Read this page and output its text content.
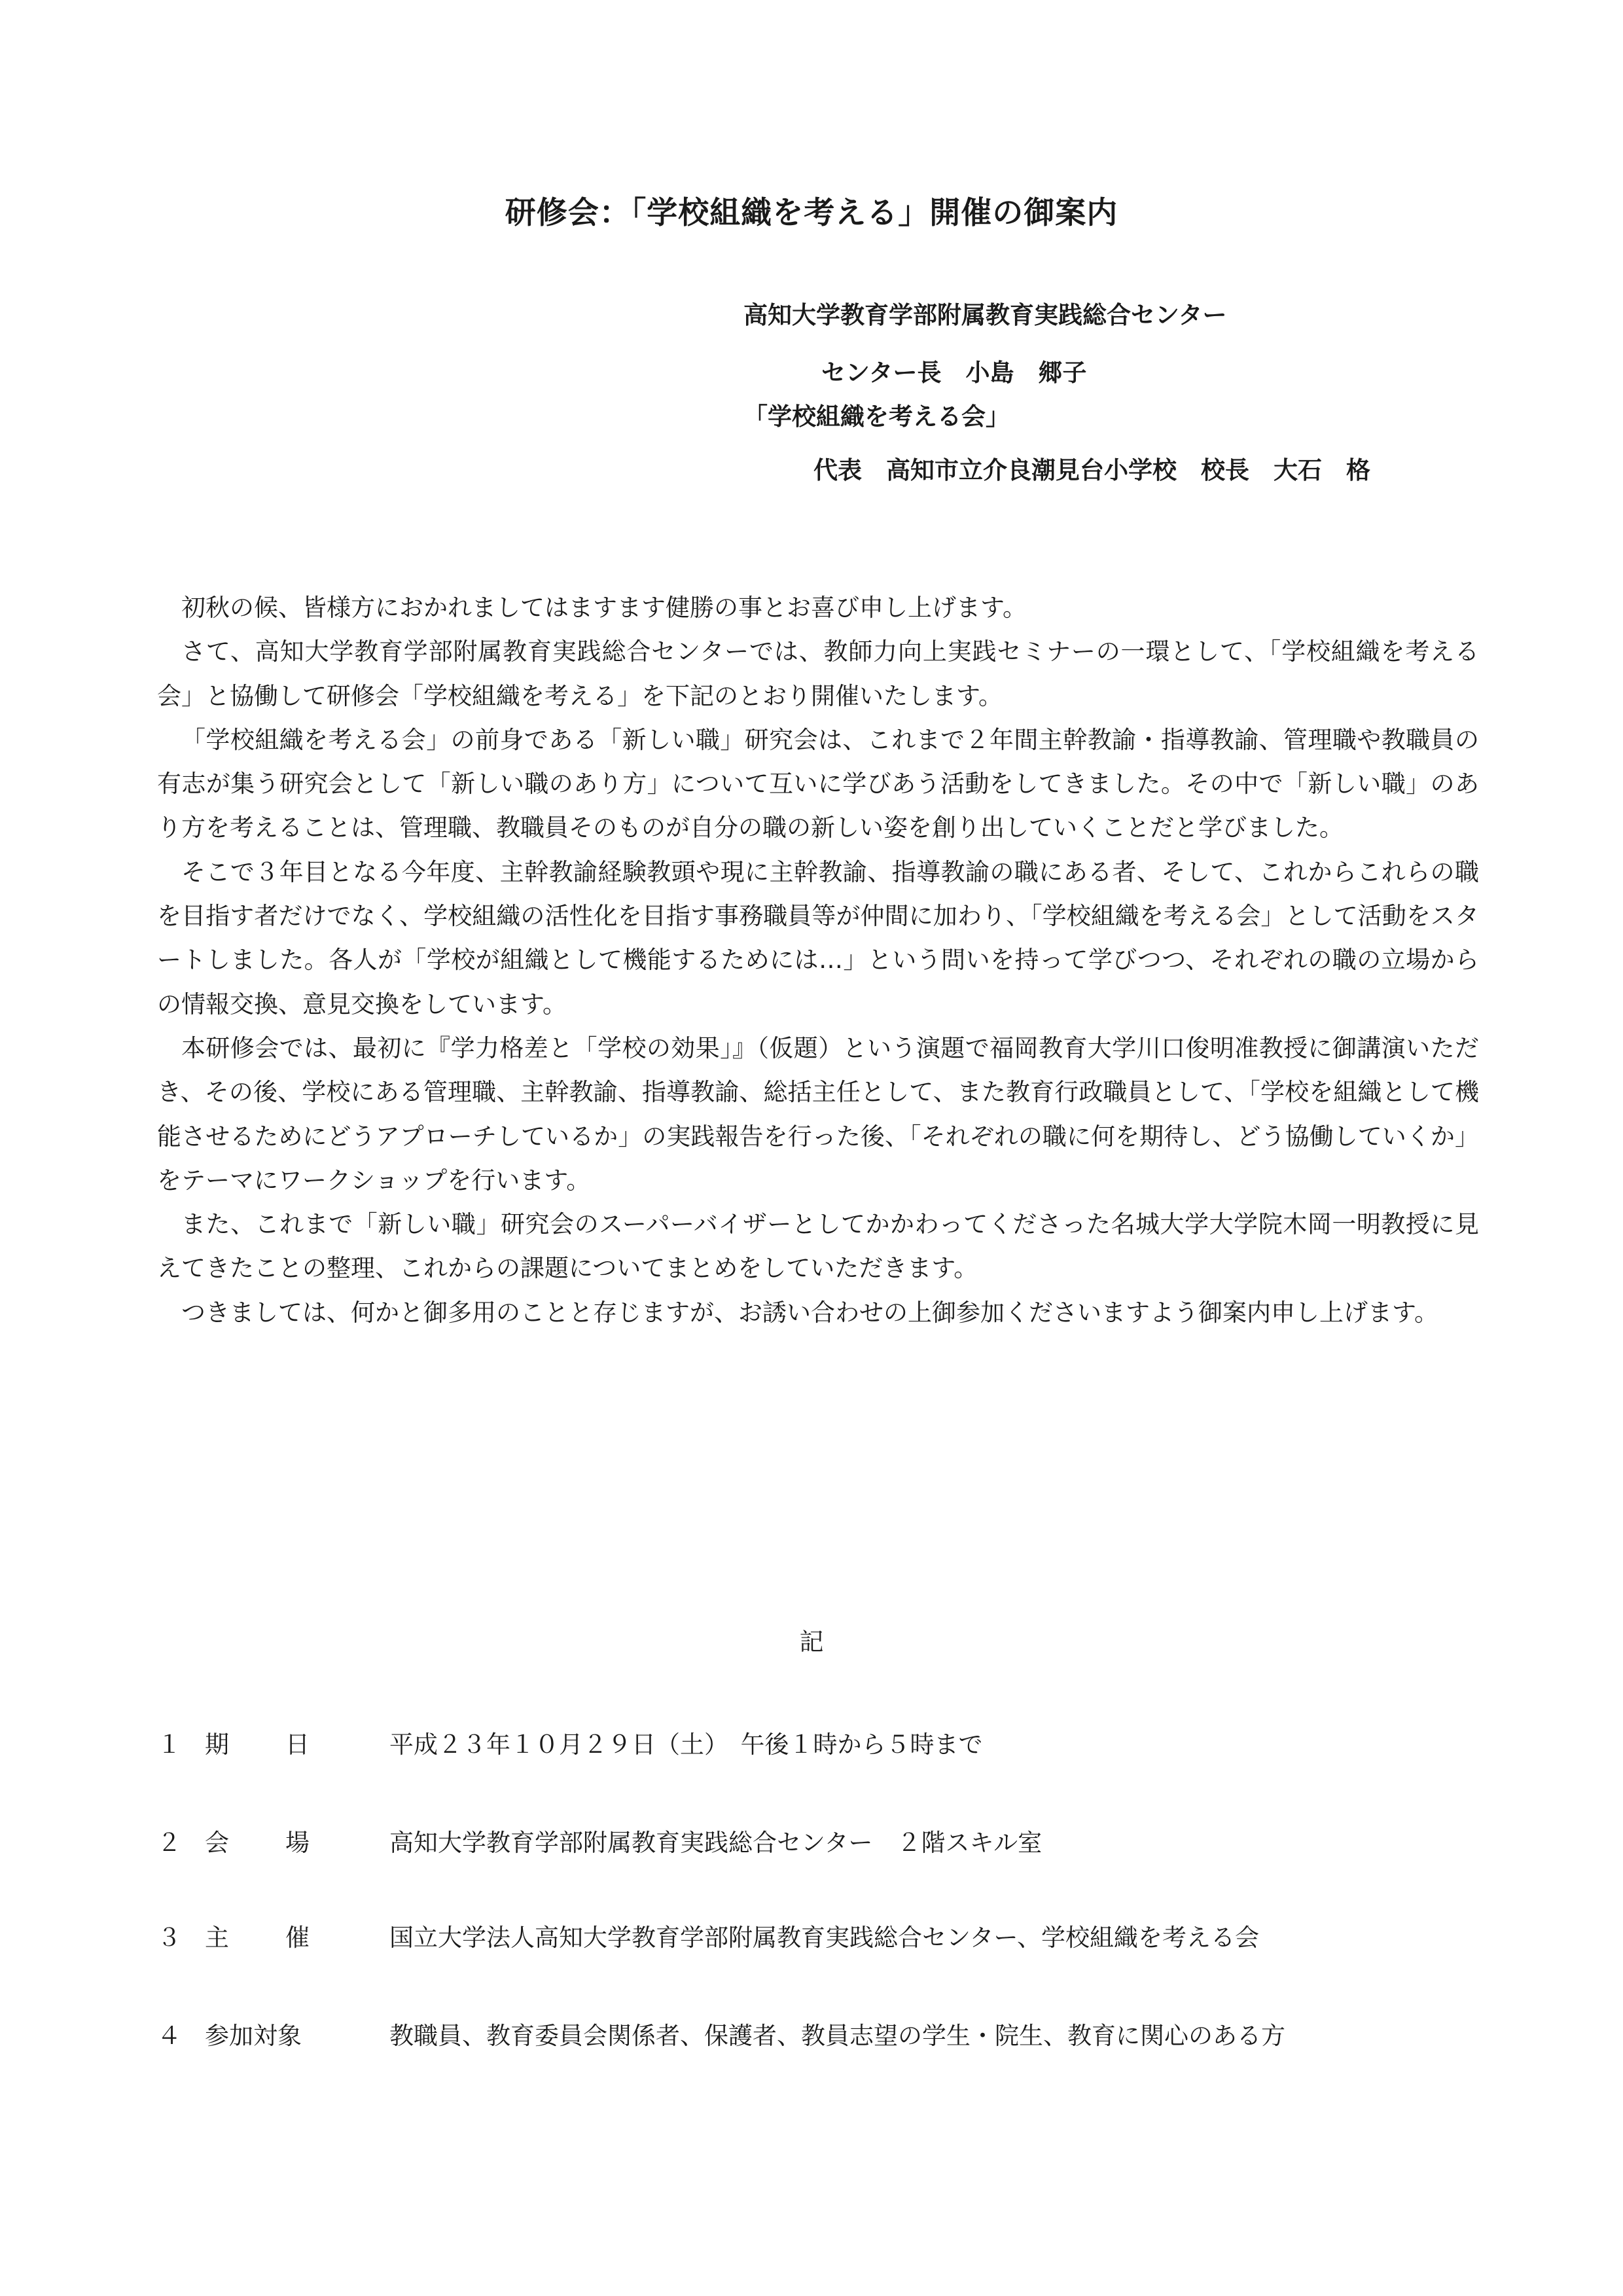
研修会：「学校組織を考える」開催の御案内
高知大学教育学部附属教育実践総合センター
センター長　小島　郷子
「学校組織を考える会」
代表　高知市立介良潮見台小学校　校長　大石　格

初秋の候、皆様方におかれましてはますます健勝の事とお喜び申し上げます。

さて、高知大学教育学部附属教育実践総合センターでは、教師力向上実践セミナーの一環として、「学校組織を考える会」と協働して研修会「学校組織を考える」を下記のとおり開催いたします。

「学校組織を考える会」の前身である「新しい職」研究会は、これまで２年間主幹教諭・指導教諭、管理職や教職員の有志が集う研究会として「新しい職のあり方」について互いに学びあう活動をしてきました。その中で「新しい職」のあり方を考えることは、管理職、教職員そのものが自分の職の新しい姿を創り出していくことだと学びました。

そこで３年目となる今年度、主幹教諭経験教頭や現に主幹教諭、指導教諭の職にある者、そして、これからこれらの職を目指す者だけでなく、学校組織の活性化を目指す事務職員等が仲間に加わり、「学校組織を考える会」として活動をスタートしました。各人が「学校が組織として機能するためには…」という問いを持って学びつつ、それぞれの職の立場からの情報交換、意見交換をしています。

本研修会では、最初に『学力格差と「学校の効果」』（仮題）という演題で福岡教育大学川口俊明准教授に御講演いただき、その後、学校にある管理職、主幹教諭、指導教諭、総括主任として、また教育行政職員として、「学校を組織として機能させるためにどうアプローチしているか」の実践報告を行った後、「それぞれの職に何を期待し、どう協働していくか」をテーマにワークショップを行います。

また、これまで「新しい職」研究会のスーパーバイザーとしてかかわってくださった名城大学大学院木岡一明教授に見えてきたことの整理、これからの課題についてまとめをしていただきます。

つきましては、何かと御多用のことと存じますが、お誘い合わせの上御参加くださいますよう御案内申し上げます。

記
１ 期 日	平成２３年１０月２９日（土）　午後１時から５時まで
２ 会 場	高知大学教育学部附属教育実践総合センター　２階スキル室
３ 主 催	国立大学法人高知大学教育学部附属教育実践総合センター、学校組織を考える会
４ 参加対象	教職員、教育委員会関係者、保護者、教員志望の学生・院生、教育に関心のある方
